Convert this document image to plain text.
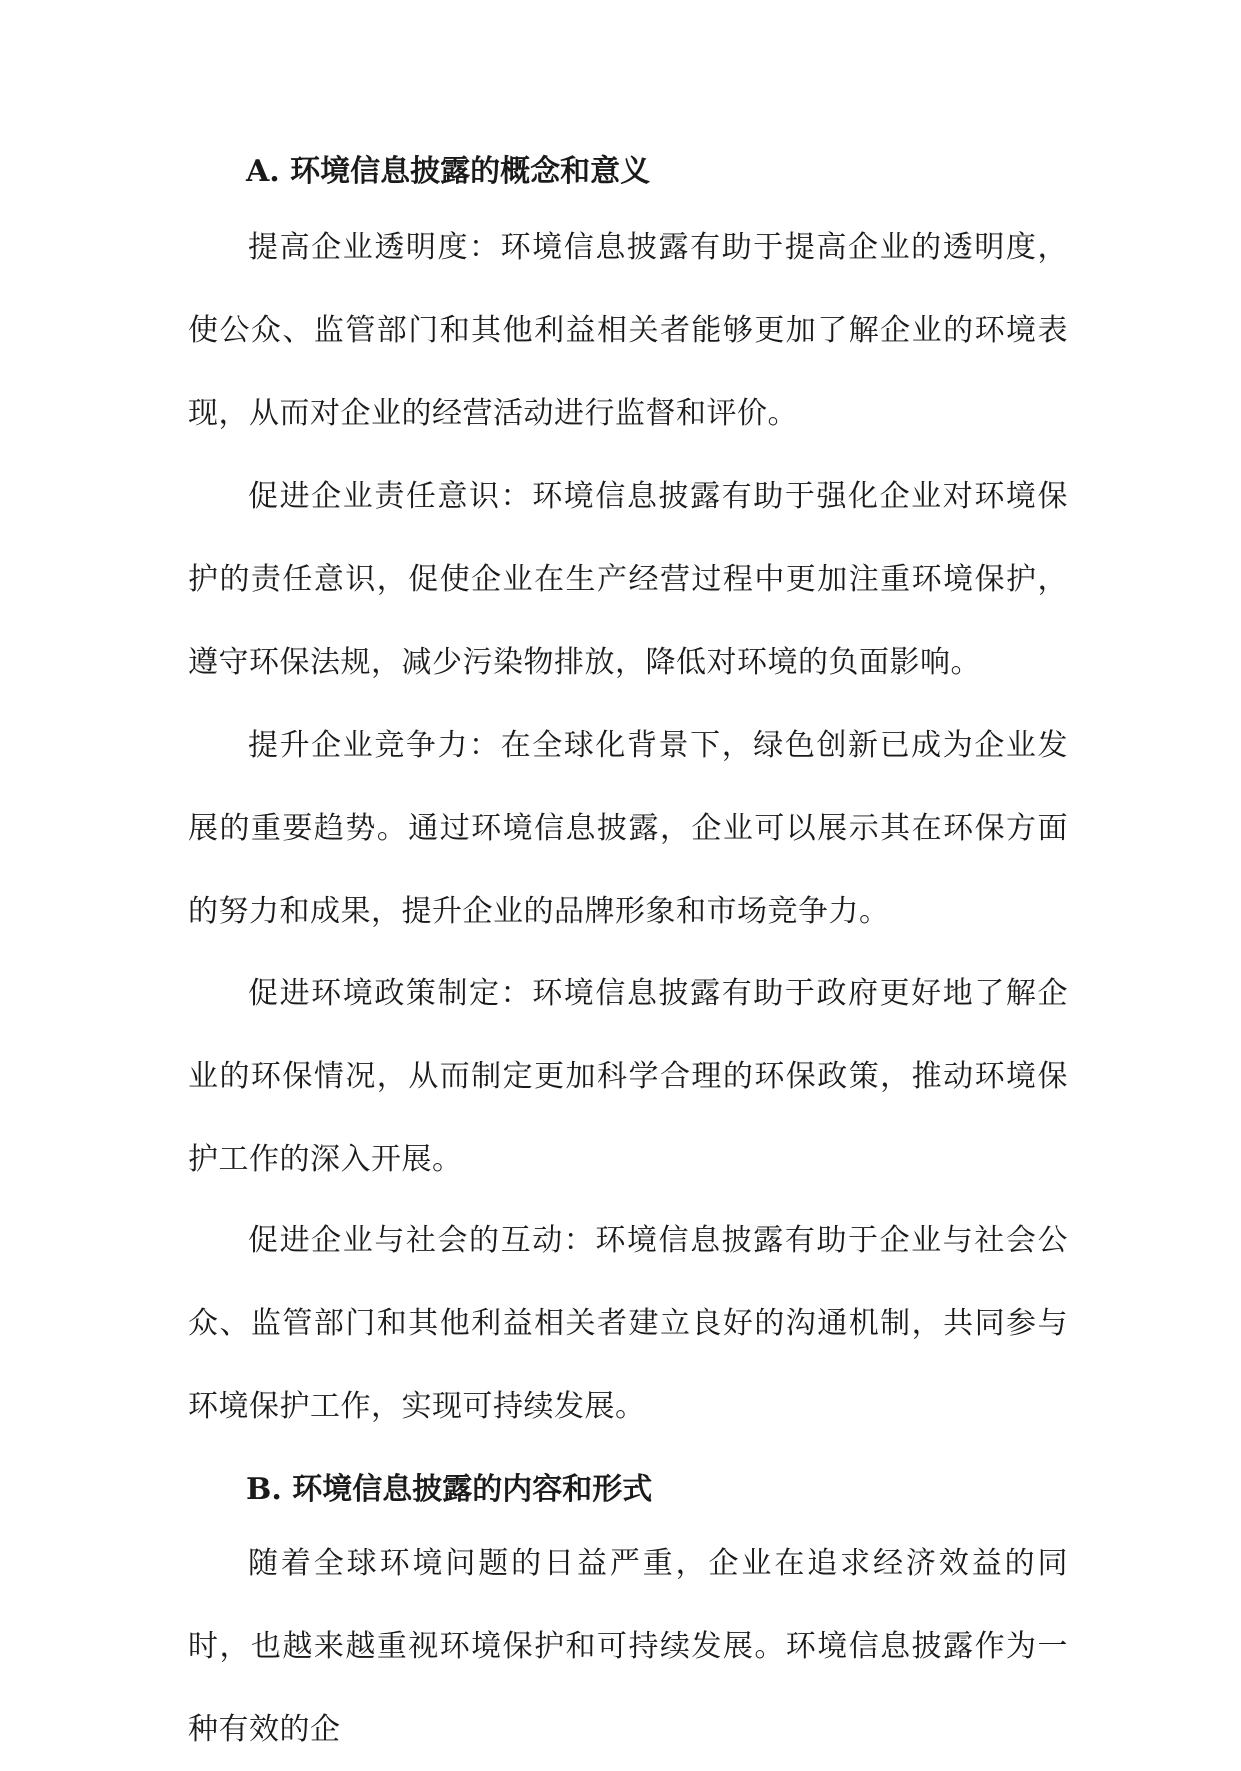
A. 环境信息披露的概念和意义

提高企业透明度：环境信息披露有助于提高企业的透明度，使公众、监管部门和其他利益相关者能够更加了解企业的环境表现，从而对企业的经营活动进行监督和评价。

促进企业责任意识：环境信息披露有助于强化企业对环境保护的责任意识，促使企业在生产经营过程中更加注重环境保护，遵守环保法规，减少污染物排放，降低对环境的负面影响。

提升企业竞争力：在全球化背景下，绿色创新已成为企业发展的重要趋势。通过环境信息披露，企业可以展示其在环保方面的努力和成果，提升企业的品牌形象和市场竞争力。

促进环境政策制定：环境信息披露有助于政府更好地了解企业的环保情况，从而制定更加科学合理的环保政策，推动环境保护工作的深入开展。

促进企业与社会的互动：环境信息披露有助于企业与社会公众、监管部门和其他利益相关者建立良好的沟通机制，共同参与环境保护工作，实现可持续发展。

B. 环境信息披露的内容和形式

随着全球环境问题的日益严重，企业在追求经济效益的同时，也越来越重视环境保护和可持续发展。环境信息披露作为一种有效的企
